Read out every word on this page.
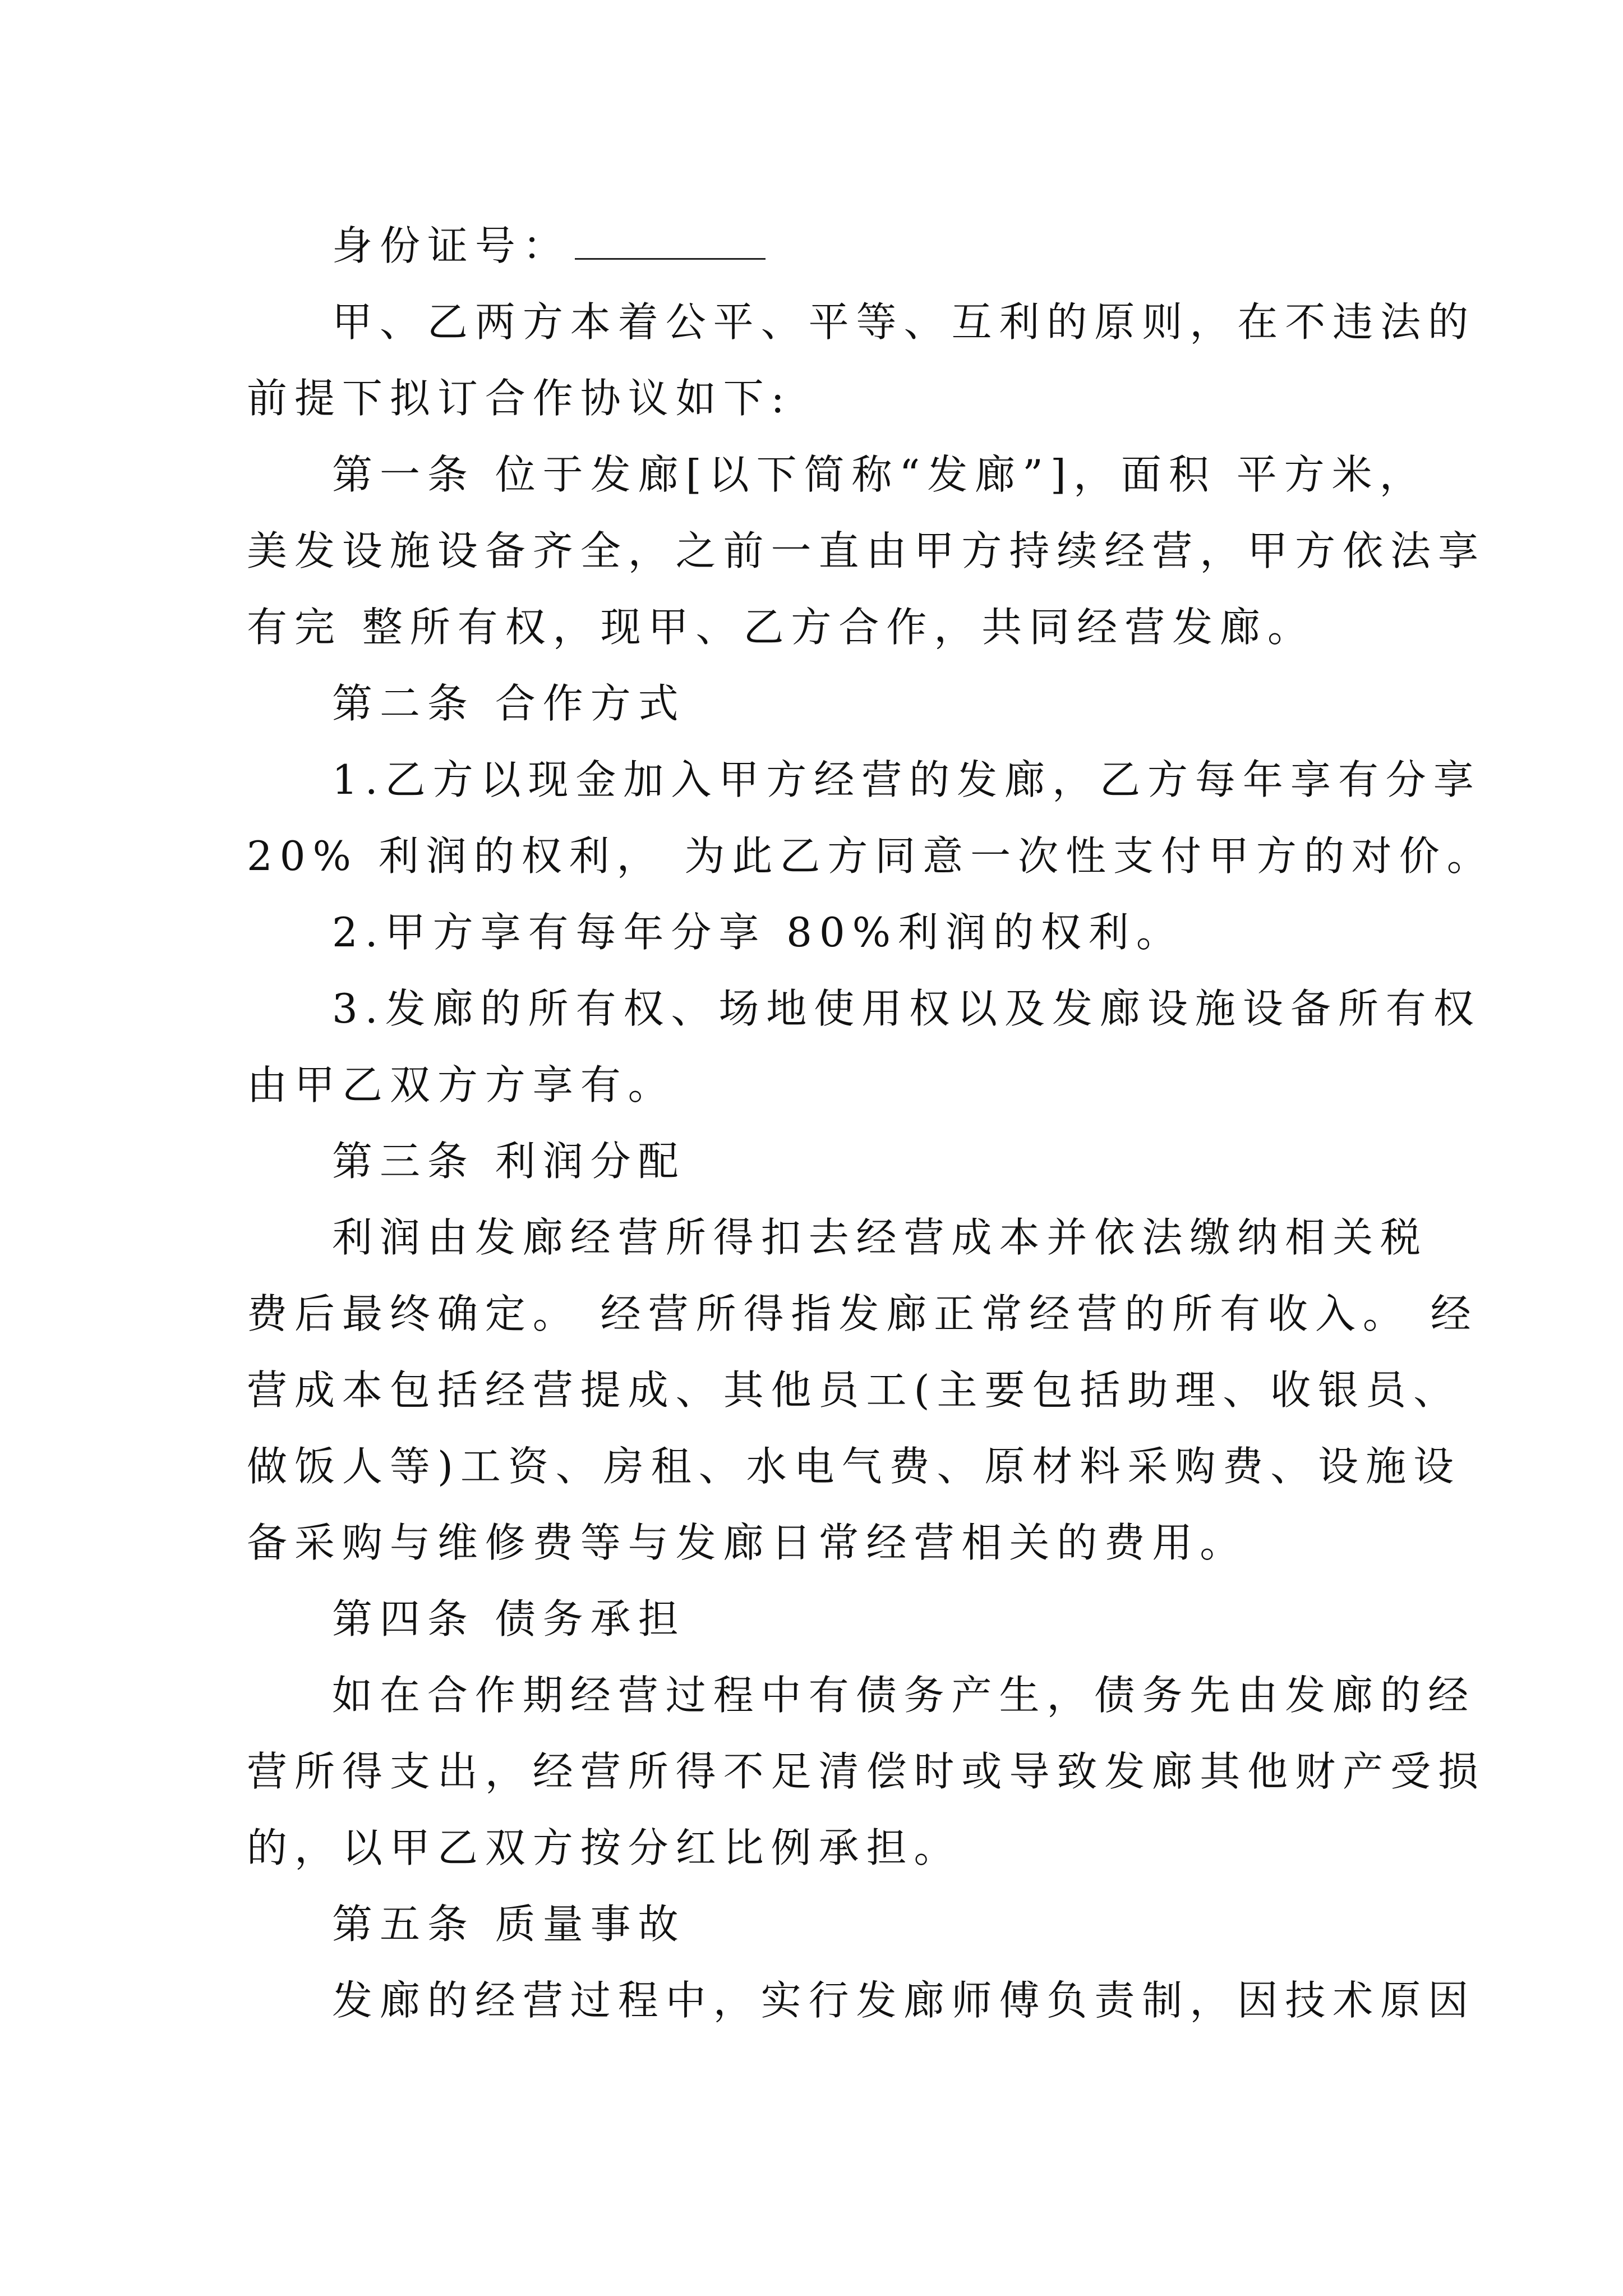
身份证号：
甲、乙两方本着公平、平等、互利的原则，在不违法的
前提下拟订合作协议如下:
第一条 位于发廊[以下简称“发廊”]，面积 平方米，
美发设施设备齐全，之前一直由甲方持续经营，甲方依法享
有完 整所有权，现甲、乙方合作，共同经营发廊。
第二条 合作方式
1.乙方以现金加入甲方经营的发廊，乙方每年享有分享
20% 利润的权利， 为此乙方同意一次性支付甲方的对价。
2.甲方享有每年分享 80%利润的权利。
3.发廊的所有权、场地使用权以及发廊设施设备所有权
由甲乙双方方享有。
第三条 利润分配
利润由发廊经营所得扣去经营成本并依法缴纳相关税
费后最终确定。 经营所得指发廊正常经营的所有收入。 经
营成本包括经营提成、其他员工(主要包括助理、收银员、
做饭人等)工资、房租、水电气费、原材料采购费、设施设
备采购与维修费等与发廊日常经营相关的费用。
第四条 债务承担
如在合作期经营过程中有债务产生，债务先由发廊的经
营所得支出，经营所得不足清偿时或导致发廊其他财产受损
的，以甲乙双方按分红比例承担。
第五条 质量事故
发廊的经营过程中，实行发廊师傅负责制，因技术原因
